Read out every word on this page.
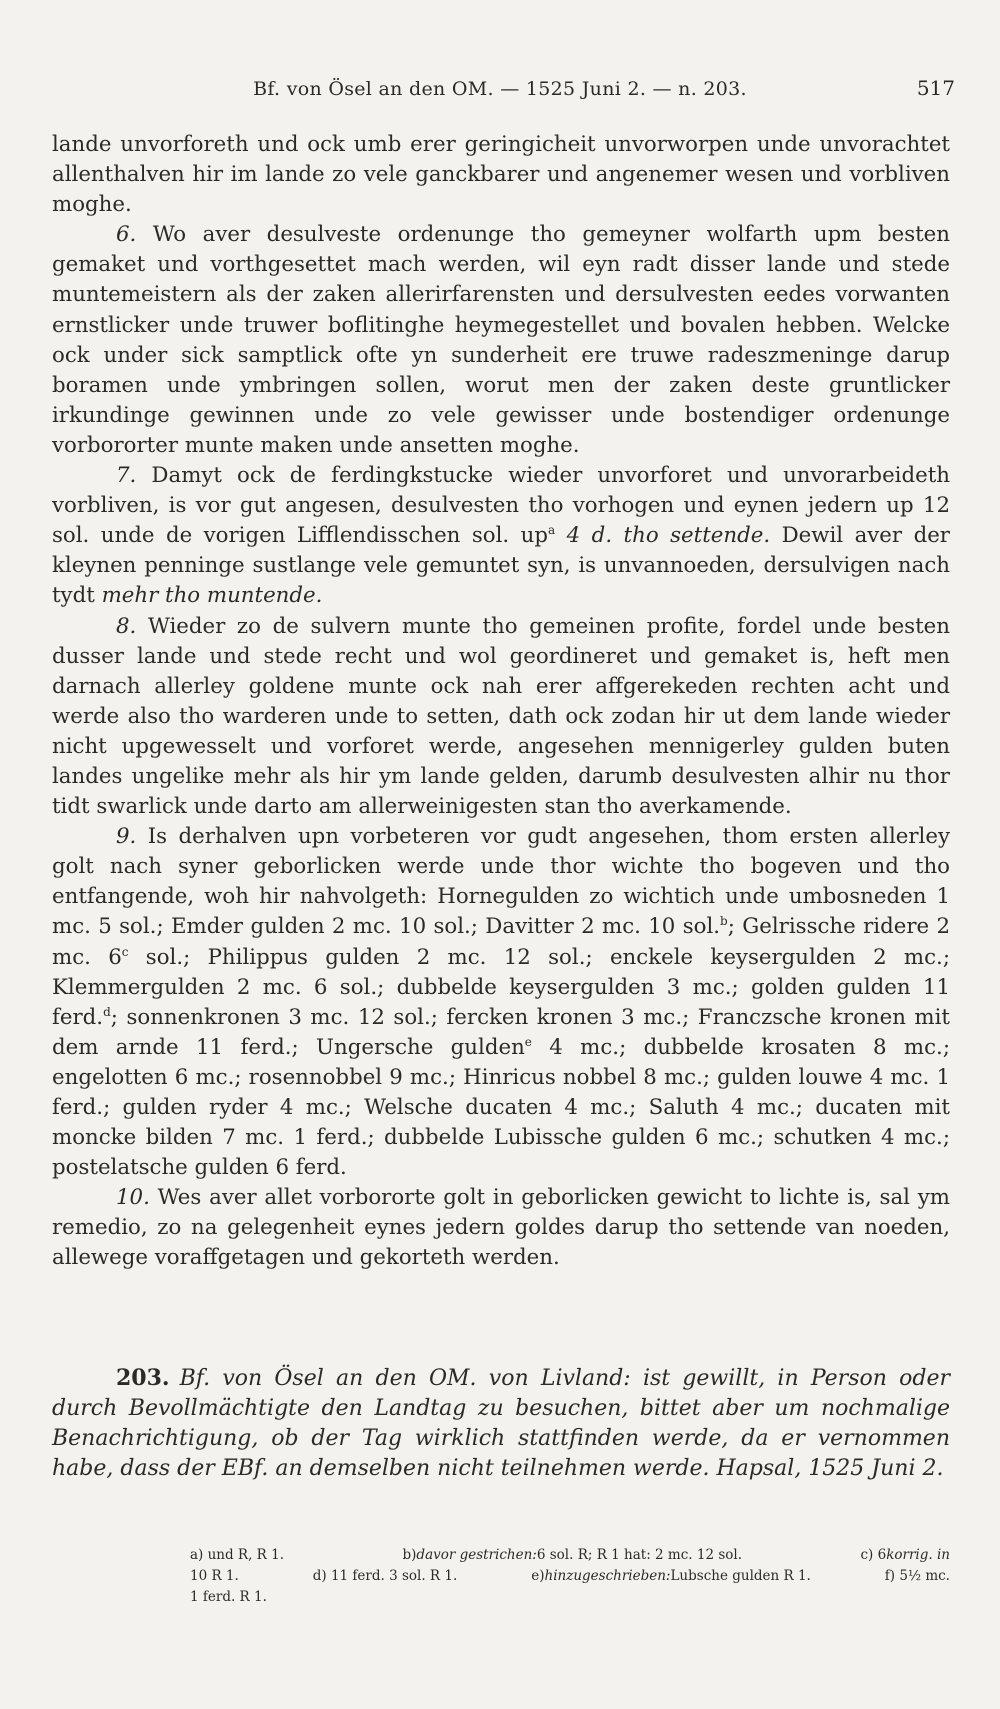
Bf. von Ösel an den OM. — 1525 Juni 2. — n. 203.	517

lande unvorforeth und ock umb erer geringicheit unvorworpen unde unvorachtet allenthalven hir im lande zo vele ganckbarer und angenemer wesen und vorbliven moghe.

6. Wo aver desulveste ordenunge tho gemeyner wolfarth upm besten gemaket und vorthgesettet mach werden, wil eyn radt disser lande und stede muntemeistern als der zaken allerirfarensten und dersulvesten eedes vorwanten ernstlicker unde truwer boflitinghe heymegestellet und bovalen hebben. Welcke ock under sick samptlick ofte yn sunderheit ere truwe radeszmeninge darup boramen unde ymbringen sollen, worut men der zaken deste gruntlicker irkundinge gewinnen unde zo vele gewisser unde bostendiger ordenunge vorbororter munte maken unde ansetten moghe.

7. Damyt ock de ferdingkstucke wieder unvorforet und unvorarbeideth vorbliven, is vor gut angesen, desulvesten tho vorhogen und eynen jedern up 12 sol. unde de vorigen Lifflendisschen sol. $up^a$ 4 d. tho settende. Dewil aver der kleynen penninge sustlange vele gemuntet syn, is unvannoeden, dersulvigen nach tydt mehr tho muntende.

8. Wieder zo de sulvern munte tho gemeinen profite, fordel unde besten dusser lande und stede recht und wol geordineret und gemaket is, heft men darnach allerley goldene munte ock nah erer affgerekeden rechten acht und werde also tho warderen unde to setten, dath ock zodan hir ut dem lande wieder nicht upgewesselt und vorforet werde, angesehen mennigerley gulden buten landes ungelike mehr als hir ym lande gelden, darumb desulvesten alhir nu thor tidt swarlick unde darto am allerweinigesten stan tho averkamende.

9. Is derhalven upn vorbeteren vor gudt angesehen, thom ersten allerley golt nach syner geborlicken werde unde thor wichte tho bogeven und tho entfangende, woh hir nahvolgeth: Hornegulden zo wichtich unde umbosneden 1 mc. 5 sol.; Emder gulden 2 mc. 10 sol.; Davitter 2 mc. 10 sol.$^b$; Gelrissche ridere 2 mc. 6$^c$ sol.; Philippus gulden 2 mc. 12 sol.; enckele keysergulden 2 mc.; Klemmergulden 2 mc. 6 sol.; dubbelde keysergulden 3 mc.; golden gulden 11 ferd.$^d$; sonnenkronen 3 mc. 12 sol.; fercken kronen 3 mc.; Franczsche kronen mit dem arnde 11 ferd.; Ungersche gulden$^e$ 4 mc.; dubbelde krosaten 8 mc.; engelotten 6 mc.; rosennobbel 9 mc.; Hinricus nobbel 8 mc.; gulden louwe 4 mc. 1 ferd.; gulden ryder 4 mc.; Welsche ducaten 4 mc.; Saluth 4 mc.; ducaten mit moncke bilden 7 mc. 1 ferd.; dubbelde Lubissche gulden 6 mc.; schutken 4 mc.; postelatsche gulden 6 ferd.

10. Wes aver allet vorbororte golt in geborlicken gewicht to lichte is, sal ym remedio, zo na gelegenheit eynes jedern goldes darup tho settende van noeden, allewege voraffgetagen und gekorteth werden.

203. Bf. von Ösel an den OM. von Livland: ist gewillt, in Person oder durch Bevollmächtigte den Landtag zu besuchen, bittet aber um nochmalige Benachrichtigung, ob der Tag wirklich stattfinden werde, da er vernommen habe, dass der EBf. an demselben nicht teilnehmen werde. Hapsal, 1525 Juni 2.
a) und R, R 1.	b)davor gestrichen:6 sol. R; R 1 hat: 2 mc. 12 sol.	c) 6korrig. in
10 R 1.	d) 11 ferd. 3 sol. R 1.	e)hinzugeschrieben:Lubsche gulden R 1.	f) 5½ mc.
1 ferd. R 1.
